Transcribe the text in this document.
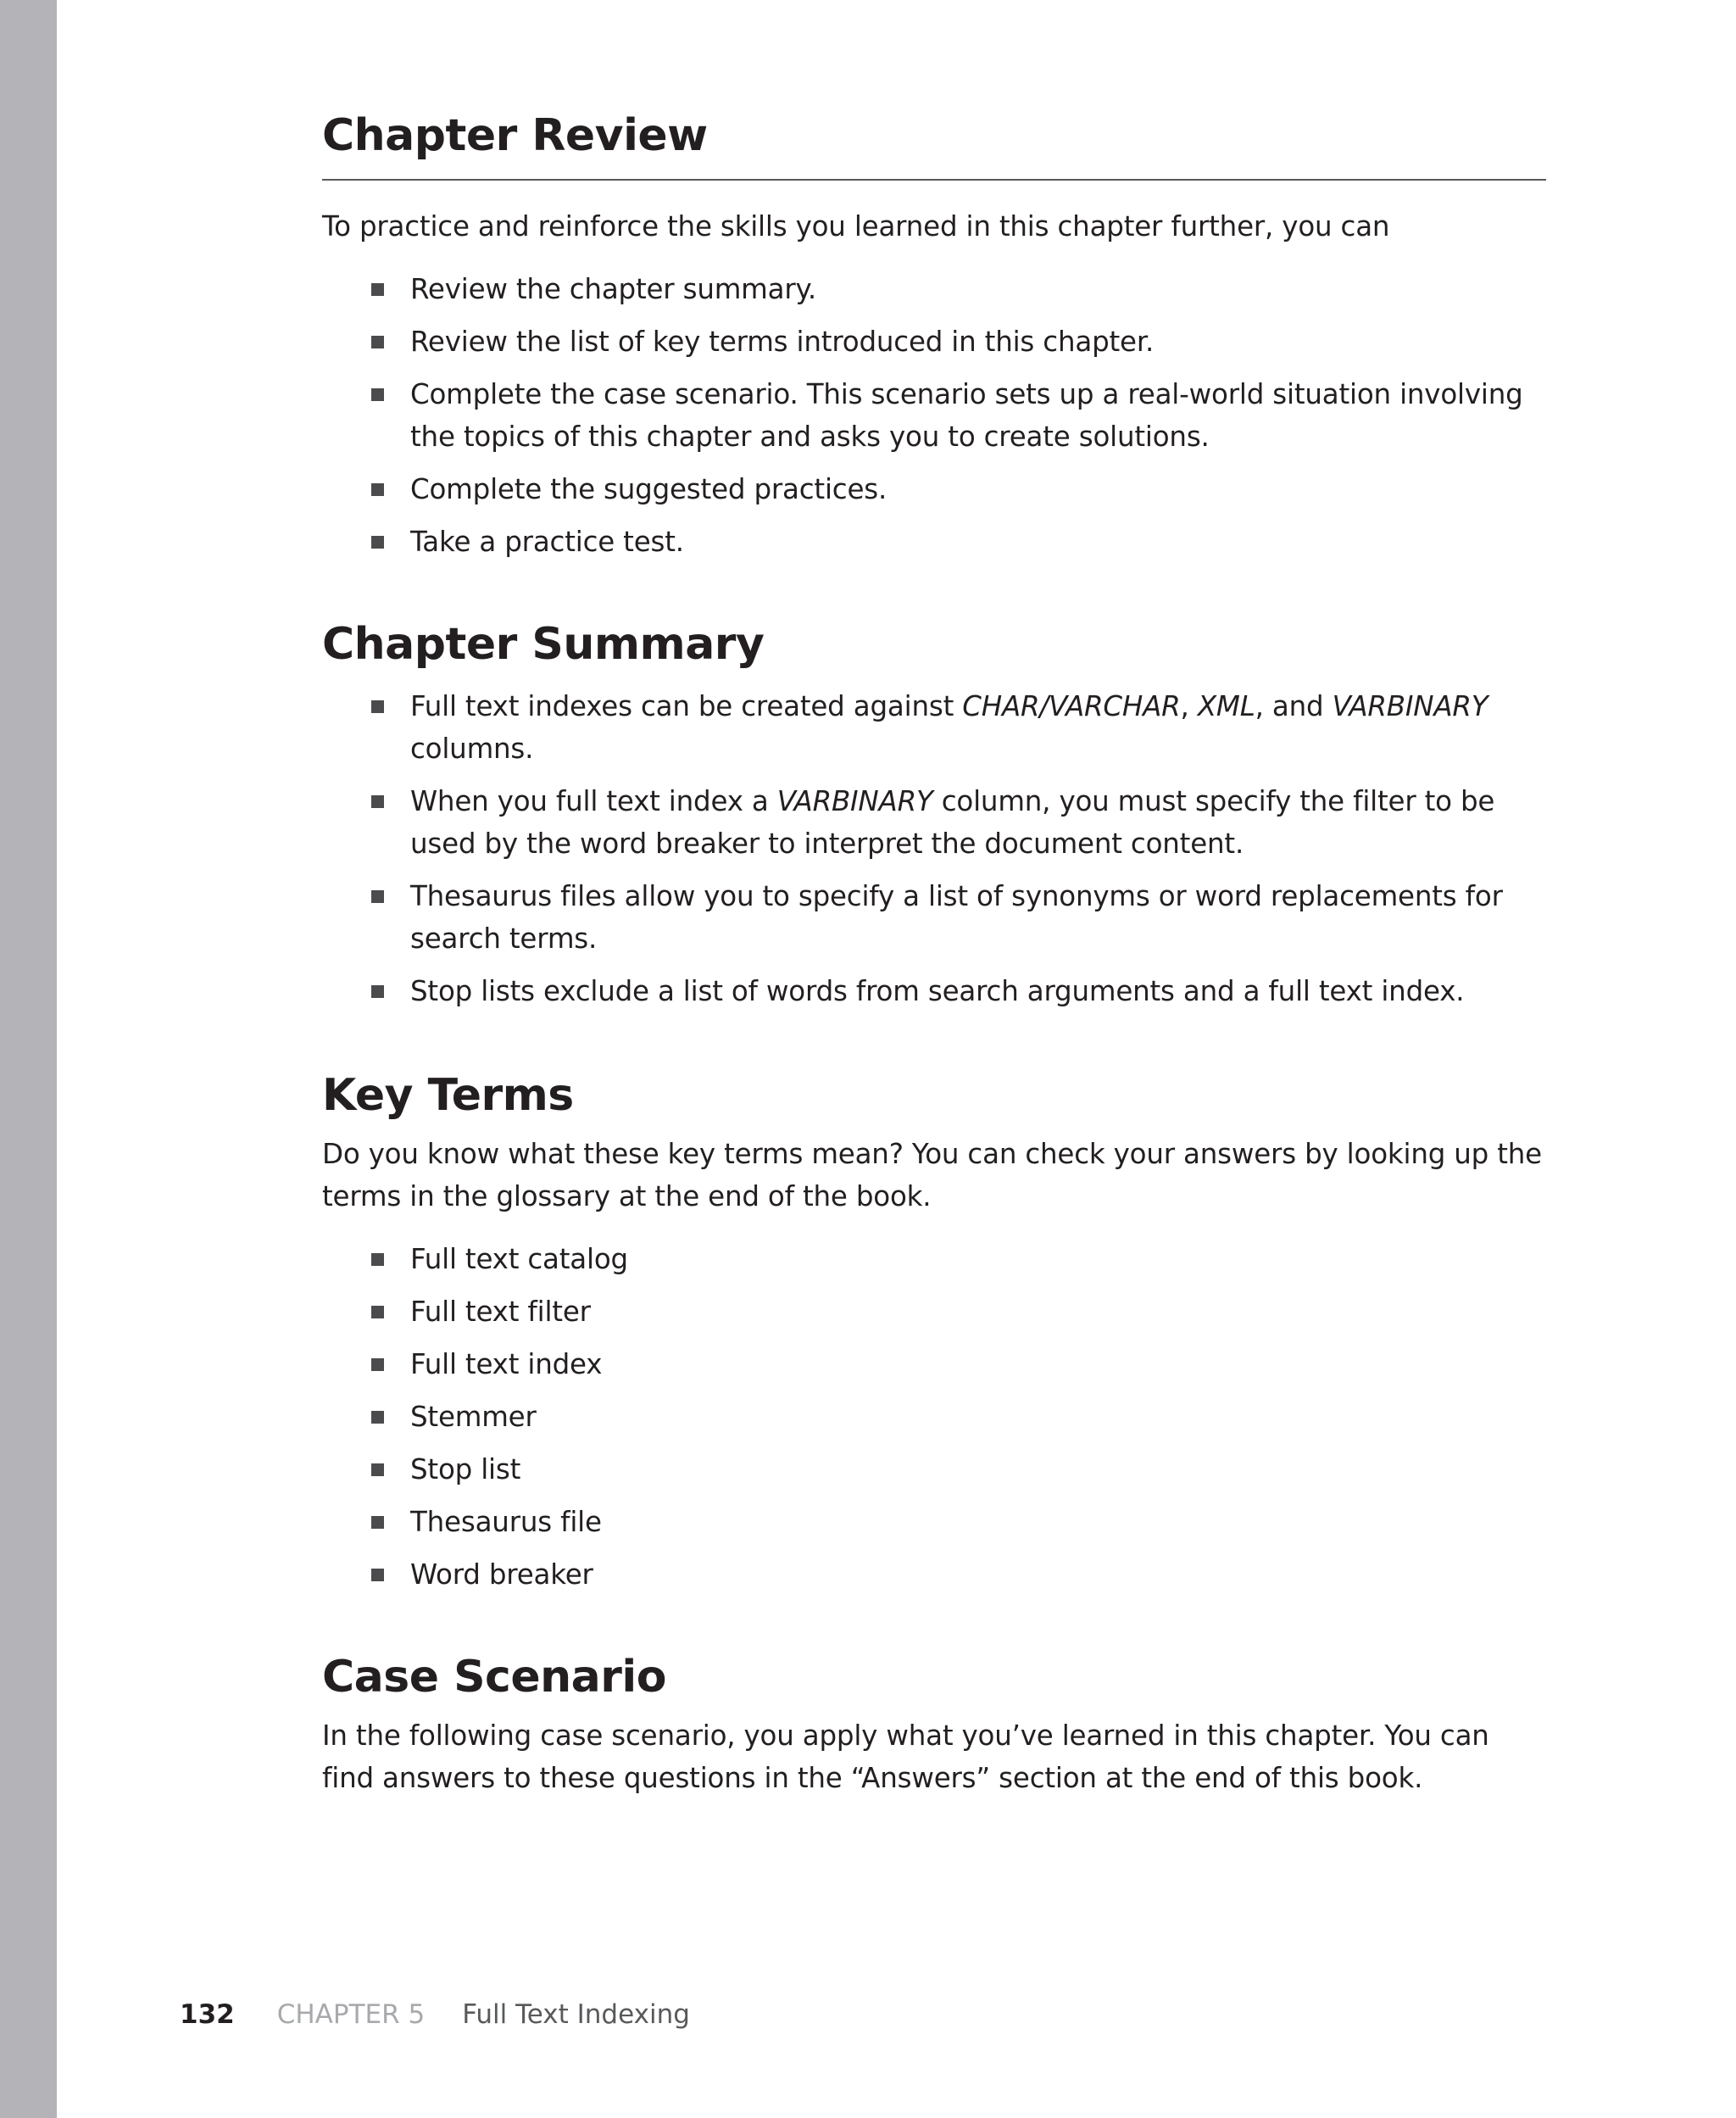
Chapter Review
To practice and reinforce the skills you learned in this chapter further, you can
Review the chapter summary.
Review the list of key terms introduced in this chapter.
Complete the case scenario. This scenario sets up a real-world situation involving the topics of this chapter and asks you to create solutions.
Complete the suggested practices.
Take a practice test.
Chapter Summary
Full text indexes can be created against CHAR/VARCHAR, XML, and VARBINARY columns.
When you full text index a VARBINARY column, you must specify the filter to be used by the word breaker to interpret the document content.
Thesaurus files allow you to specify a list of synonyms or word replacements for search terms.
Stop lists exclude a list of words from search arguments and a full text index.
Key Terms
Do you know what these key terms mean? You can check your answers by looking up the terms in the glossary at the end of the book.
Full text catalog
Full text filter
Full text index
Stemmer
Stop list
Thesaurus file
Word breaker
Case Scenario
In the following case scenario, you apply what you’ve learned in this chapter. You can find answers to these questions in the “Answers” section at the end of this book.
132 CHAPTER 5 Full Text Indexing
